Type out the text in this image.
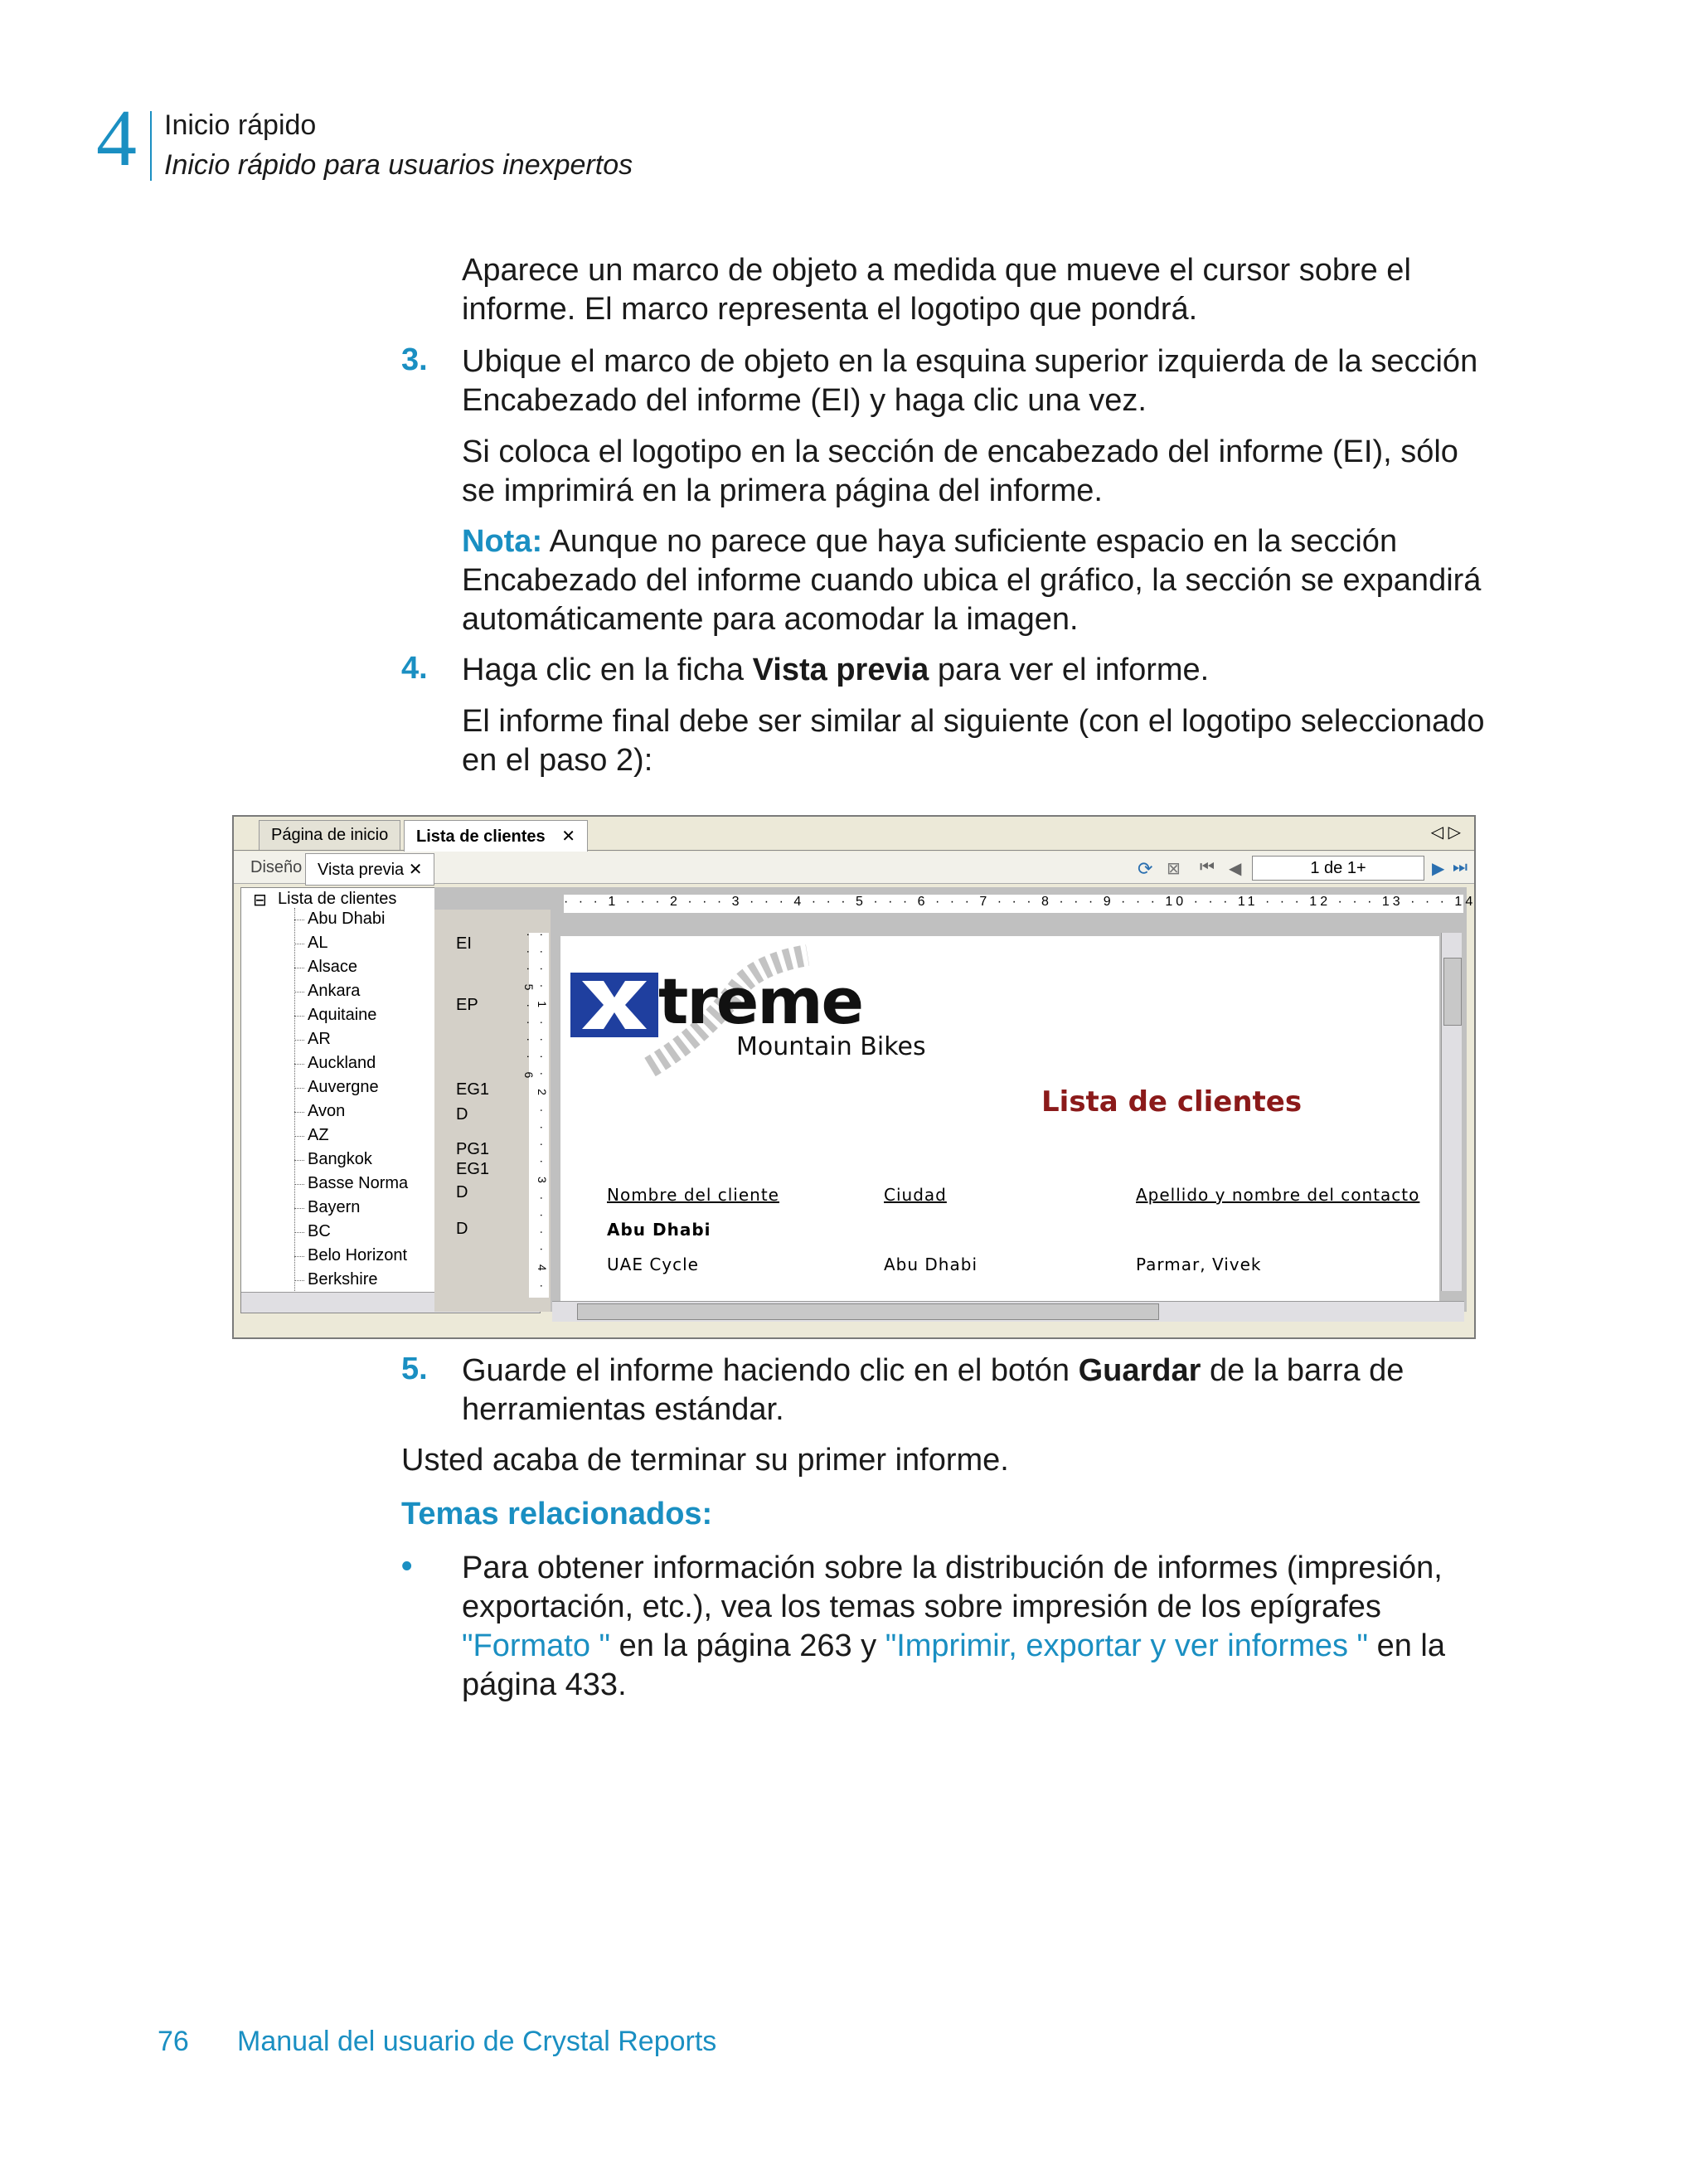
4 Inicio rápido
Inicio rápido para usuarios inexpertos
Aparece un marco de objeto a medida que mueve el cursor sobre el informe. El marco representa el logotipo que pondrá.
3. Ubique el marco de objeto en la esquina superior izquierda de la sección Encabezado del informe (EI) y haga clic una vez.
Si coloca el logotipo en la sección de encabezado del informe (EI), sólo se imprimirá en la primera página del informe.
Nota: Aunque no parece que haya suficiente espacio en la sección Encabezado del informe cuando ubica el gráfico, la sección se expandirá automáticamente para acomodar la imagen.
4. Haga clic en la ficha Vista previa para ver el informe.
El informe final debe ser similar al siguiente (con el logotipo seleccionado en el paso 2):
Página de inicio	Lista de clientes ✕	◁ ▷
Diseño Vista previa ✕	⟳ ⊠ ⏮ ◀	1 de 1+	▶ ⏭
⊟ Lista de clientes
Abu Dhabi
AL
Alsace
Ankara
Aquitaine
AR
Auckland
Auvergne
Avon
AZ
Bangkok
Basse Norma
Bayern
BC
Belo Horizont
Berkshire
· · · 1 · · · 2 · · · 3 · · · 4 · · · 5 · · · 6 · · · 7 · · · 8 · · · 9 · · · 10 · · · 11 · · · 12 · · · 13 · · · 14
EI
EP
EG1
D
PG1
EG1
D
D	· · · · 1 · · · · 2 · · · · 3 · · · · 4 · · · · 5 · · · · 6 treme
Mountain Bikes
Lista de clientes
Nombre del cliente	Ciudad	Apellido y nombre del contacto
Abu Dhabi
UAE Cycle	Abu Dhabi	Parmar, Vivek
5. Guarde el informe haciendo clic en el botón Guardar de la barra de herramientas estándar.
Usted acaba de terminar su primer informe.
Temas relacionados:
• Para obtener información sobre la distribución de informes (impresión, exportación, etc.), vea los temas sobre impresión de los epígrafes "Formato " en la página 263 y "Imprimir, exportar y ver informes " en la página 433.
76 Manual del usuario de Crystal Reports
